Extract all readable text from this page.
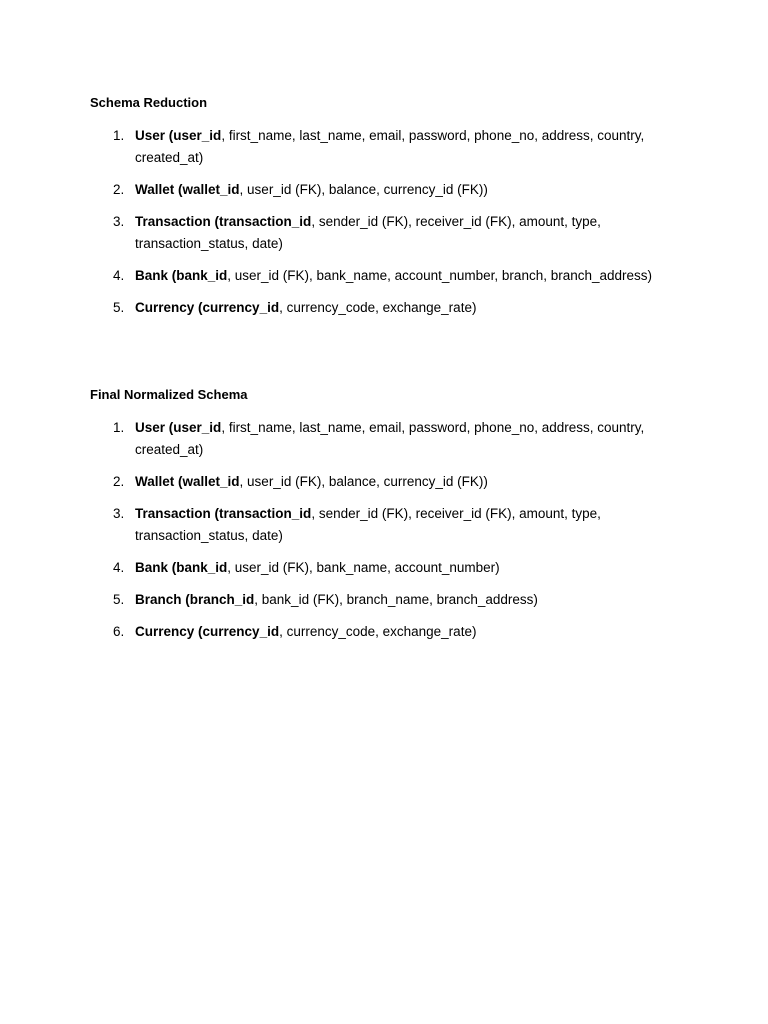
Schema Reduction
1. User (user_id, first_name, last_name, email, password, phone_no, address, country, created_at)
2. Wallet (wallet_id, user_id (FK), balance, currency_id (FK))
3. Transaction (transaction_id, sender_id (FK), receiver_id (FK), amount, type, transaction_status, date)
4. Bank (bank_id, user_id (FK), bank_name, account_number, branch, branch_address)
5. Currency (currency_id, currency_code, exchange_rate)
Final Normalized Schema
1. User (user_id, first_name, last_name, email, password, phone_no, address, country, created_at)
2. Wallet (wallet_id, user_id (FK), balance, currency_id (FK))
3. Transaction (transaction_id, sender_id (FK), receiver_id (FK), amount, type, transaction_status, date)
4. Bank (bank_id, user_id (FK), bank_name, account_number)
5. Branch (branch_id, bank_id (FK), branch_name, branch_address)
6. Currency (currency_id, currency_code, exchange_rate)
